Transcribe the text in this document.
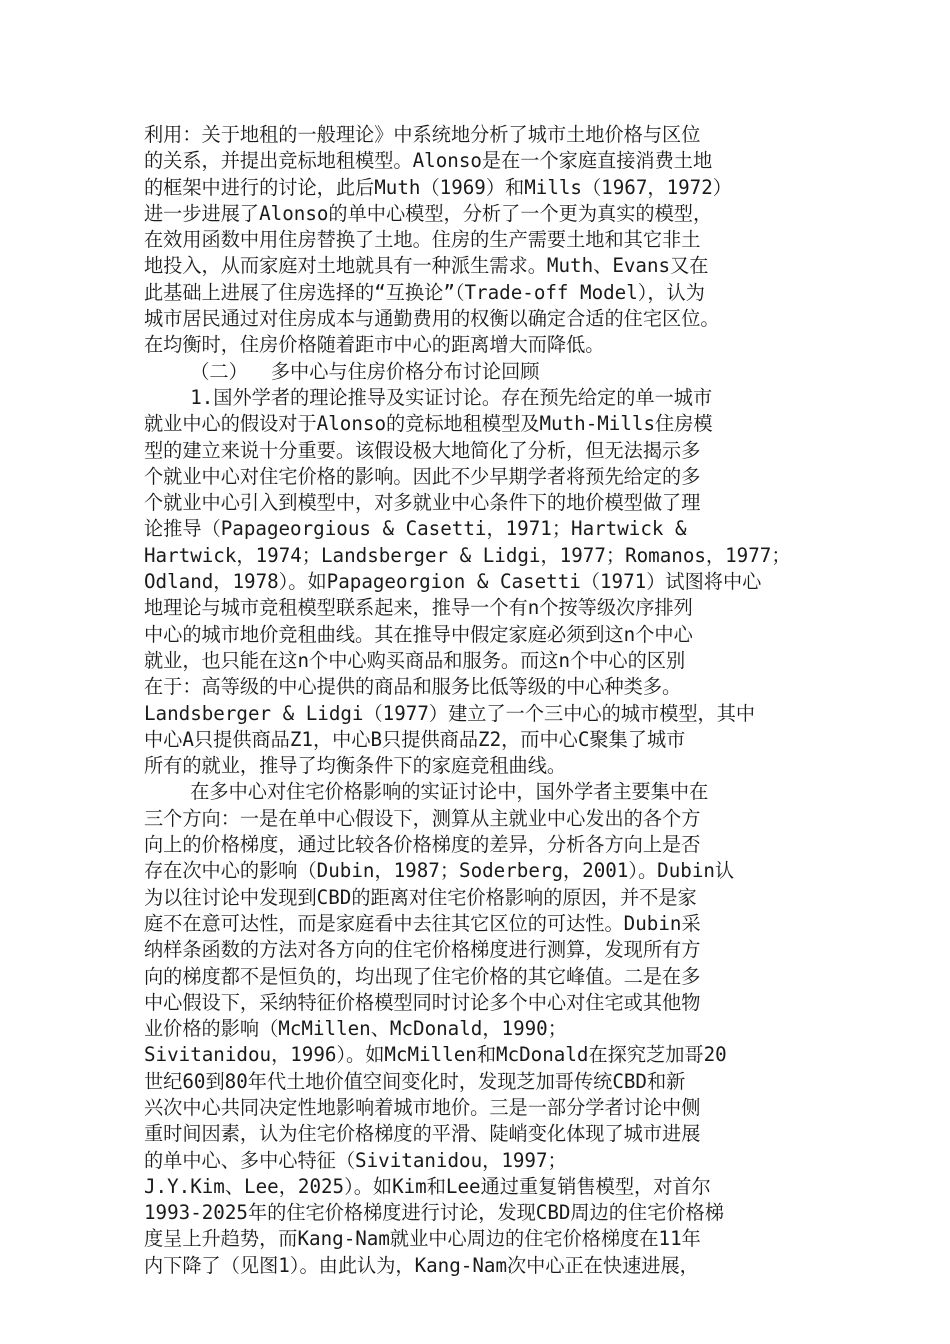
利用：关于地租的一般理论》中系统地分析了城市土地价格与区位
的关系，并提出竞标地租模型。Alonso是在一个家庭直接消费土地
的框架中进行的讨论，此后Muth（1969）和Mills（1967，1972）
进一步进展了Alonso的单中心模型，分析了一个更为真实的模型，
在效用函数中用住房替换了土地。住房的生产需要土地和其它非土
地投入，从而家庭对土地就具有一种派生需求。Muth、Evans又在
此基础上进展了住房选择的“互换论”（Trade-off Model），认为
城市居民通过对住房成本与通勤费用的权衡以确定合适的住宅区位。
在均衡时，住房价格随着距市中心的距离增大而降低。
（二）  多中心与住房价格分布讨论回顾
1.国外学者的理论推导及实证讨论。存在预先给定的单一城市
就业中心的假设对于Alonso的竞标地租模型及Muth-Mills住房模
型的建立来说十分重要。该假设极大地简化了分析，但无法揭示多
个就业中心对住宅价格的影响。因此不少早期学者将预先给定的多
个就业中心引入到模型中，对多就业中心条件下的地价模型做了理
论推导（Papageorgious & Casetti，1971；Hartwick &
Hartwick，1974；Landsberger & Lidgi，1977；Romanos，1977；
Odland，1978）。如Papageorgion & Casetti（1971）试图将中心
地理论与城市竞租模型联系起来，推导一个有n个按等级次序排列
中心的城市地价竞租曲线。其在推导中假定家庭必须到这n个中心
就业，也只能在这n个中心购买商品和服务。而这n个中心的区别
在于：高等级的中心提供的商品和服务比低等级的中心种类多。
Landsberger & Lidgi（1977）建立了一个三中心的城市模型，其中
中心A只提供商品Z1，中心B只提供商品Z2，而中心C聚集了城市
所有的就业，推导了均衡条件下的家庭竞租曲线。
在多中心对住宅价格影响的实证讨论中，国外学者主要集中在
三个方向：一是在单中心假设下，测算从主就业中心发出的各个方
向上的价格梯度，通过比较各价格梯度的差异，分析各方向上是否
存在次中心的影响（Dubin，1987；Soderberg，2001）。Dubin认
为以往讨论中发现到CBD的距离对住宅价格影响的原因，并不是家
庭不在意可达性，而是家庭看中去往其它区位的可达性。Dubin采
纳样条函数的方法对各方向的住宅价格梯度进行测算，发现所有方
向的梯度都不是恒负的，均出现了住宅价格的其它峰值。二是在多
中心假设下，采纳特征价格模型同时讨论多个中心对住宅或其他物
业价格的影响（McMillen、McDonald，1990；
Sivitanidou，1996）。如McMillen和McDonald在探究芝加哥20
世纪60到80年代土地价值空间变化时，发现芝加哥传统CBD和新
兴次中心共同决定性地影响着城市地价。三是一部分学者讨论中侧
重时间因素，认为住宅价格梯度的平滑、陡峭变化体现了城市进展
的单中心、多中心特征（Sivitanidou，1997；
J.Y.Kim、Lee，2025）。如Kim和Lee通过重复销售模型，对首尔
1993-2025年的住宅价格梯度进行讨论，发现CBD周边的住宅价格梯
度呈上升趋势，而Kang-Nam就业中心周边的住宅价格梯度在11年
内下降了（见图1）。由此认为，Kang-Nam次中心正在快速进展，
